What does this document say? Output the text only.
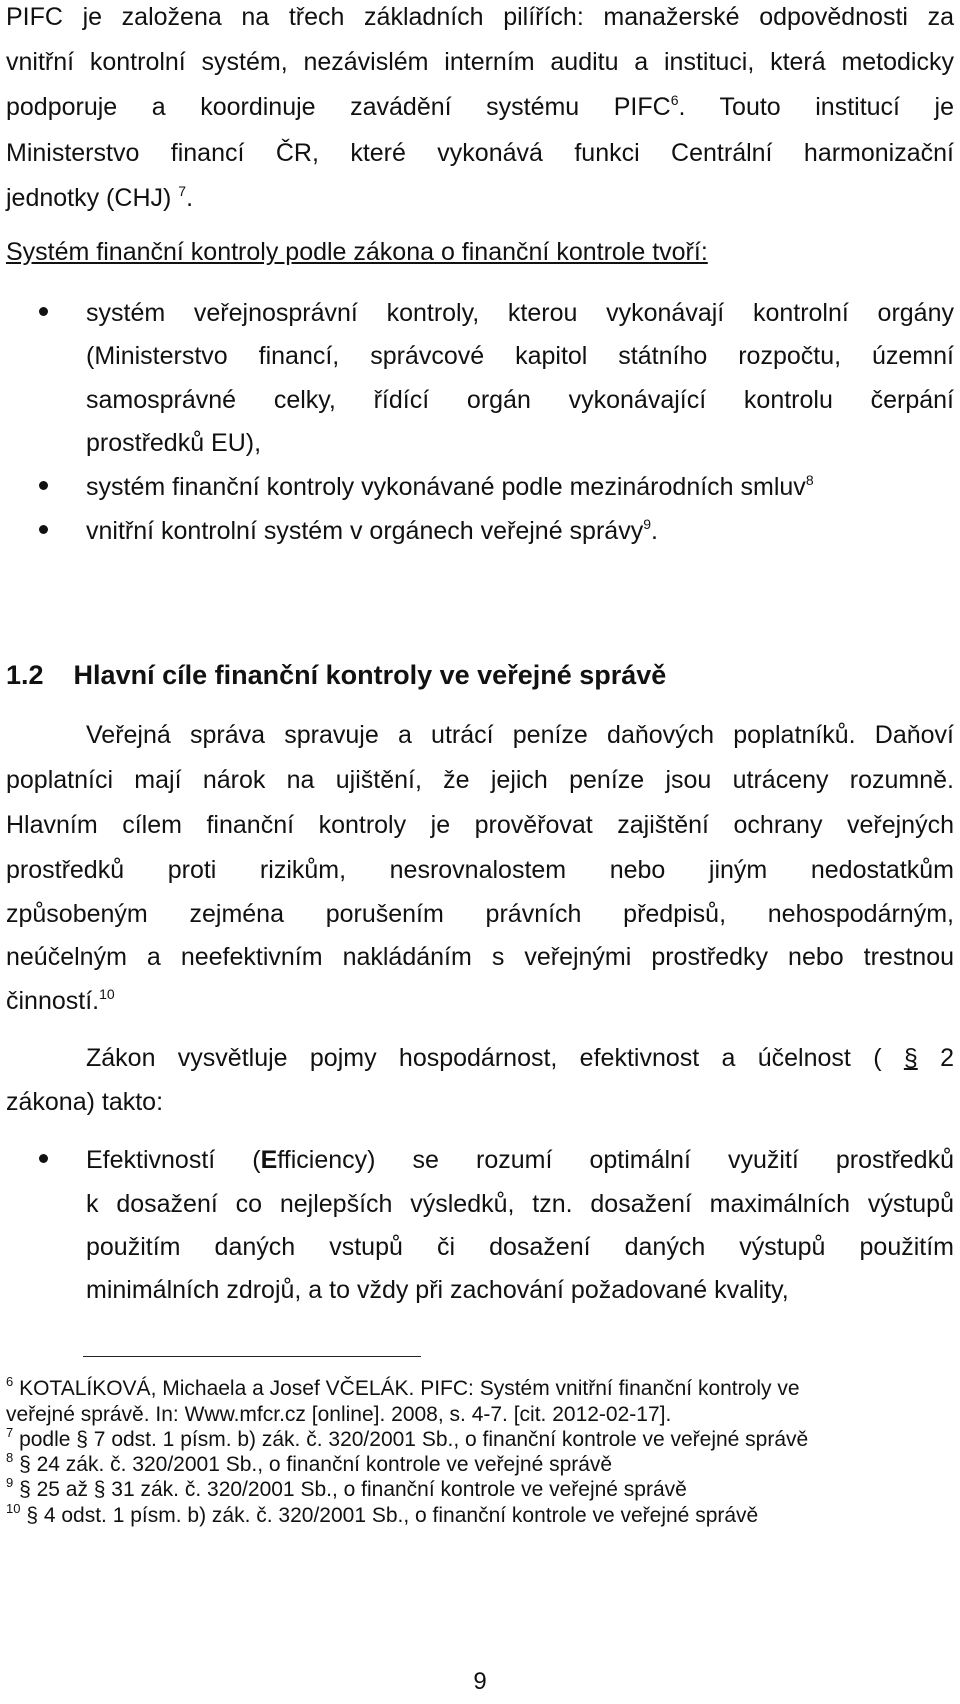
PIFC je založena na třech základních pilířích: manažerské odpovědnosti za
vnitřní kontrolní systém, nezávislém interním auditu a instituci, která metodicky
podporuje a koordinuje zavádění systému PIFC$^6$. Touto institucí je
Ministerstvo financí ČR, které vykonává funkci Centrální harmonizační
jednotky (CHJ) $^7$.
Systém finanční kontroly podle zákona o finanční kontrole tvoří:
systém veřejnosprávní kontroly, kterou vykonávají kontrolní orgány
(Ministerstvo financí, správcové kapitol státního rozpočtu, územní
samosprávné celky, řídící orgán vykonávající kontrolu čerpání
prostředků EU),
systém finanční kontroly vykonávané podle mezinárodních smluv$^8$
vnitřní kontrolní systém v orgánech veřejné správy$^9$.
1.2 Hlavní cíle finanční kontroly ve veřejné správě
Veřejná správa spravuje a utrácí peníze daňových poplatníků. Daňoví
poplatníci mají nárok na ujištění, že jejich peníze jsou utráceny rozumně.
Hlavním cílem finanční kontroly je prověřovat zajištění ochrany veřejných
prostředků proti rizikům, nesrovnalostem nebo jiným nedostatkům
způsobeným zejména porušením právních předpisů, nehospodárným,
neúčelným a neefektivním nakládáním s veřejnými prostředky nebo trestnou
činností.$^{10}$
Zákon vysvětluje pojmy hospodárnost, efektivnost a účelnost ( § 2
zákona) takto:
Efektivností (Efficiency) se rozumí optimální využití prostředků
k dosažení co nejlepších výsledků, tzn. dosažení maximálních výstupů
použitím daných vstupů či dosažení daných výstupů použitím
minimálních zdrojů, a to vždy při zachování požadované kvality,
$^6$ KOTALÍKOVÁ, Michaela a Josef VČELÁK. PIFC: Systém vnitřní finanční kontroly ve
veřejné správě. In: Www.mfcr.cz [online]. 2008, s. 4-7. [cit. 2012-02-17].
$^7$ podle § 7 odst. 1 písm. b) zák. č. 320/2001 Sb., o finanční kontrole ve veřejné správě
$^8$ § 24 zák. č. 320/2001 Sb., o finanční kontrole ve veřejné správě
$^9$ § 25 až § 31 zák. č. 320/2001 Sb., o finanční kontrole ve veřejné správě
$^{10}$ § 4 odst. 1 písm. b) zák. č. 320/2001 Sb., o finanční kontrole ve veřejné správě
9
